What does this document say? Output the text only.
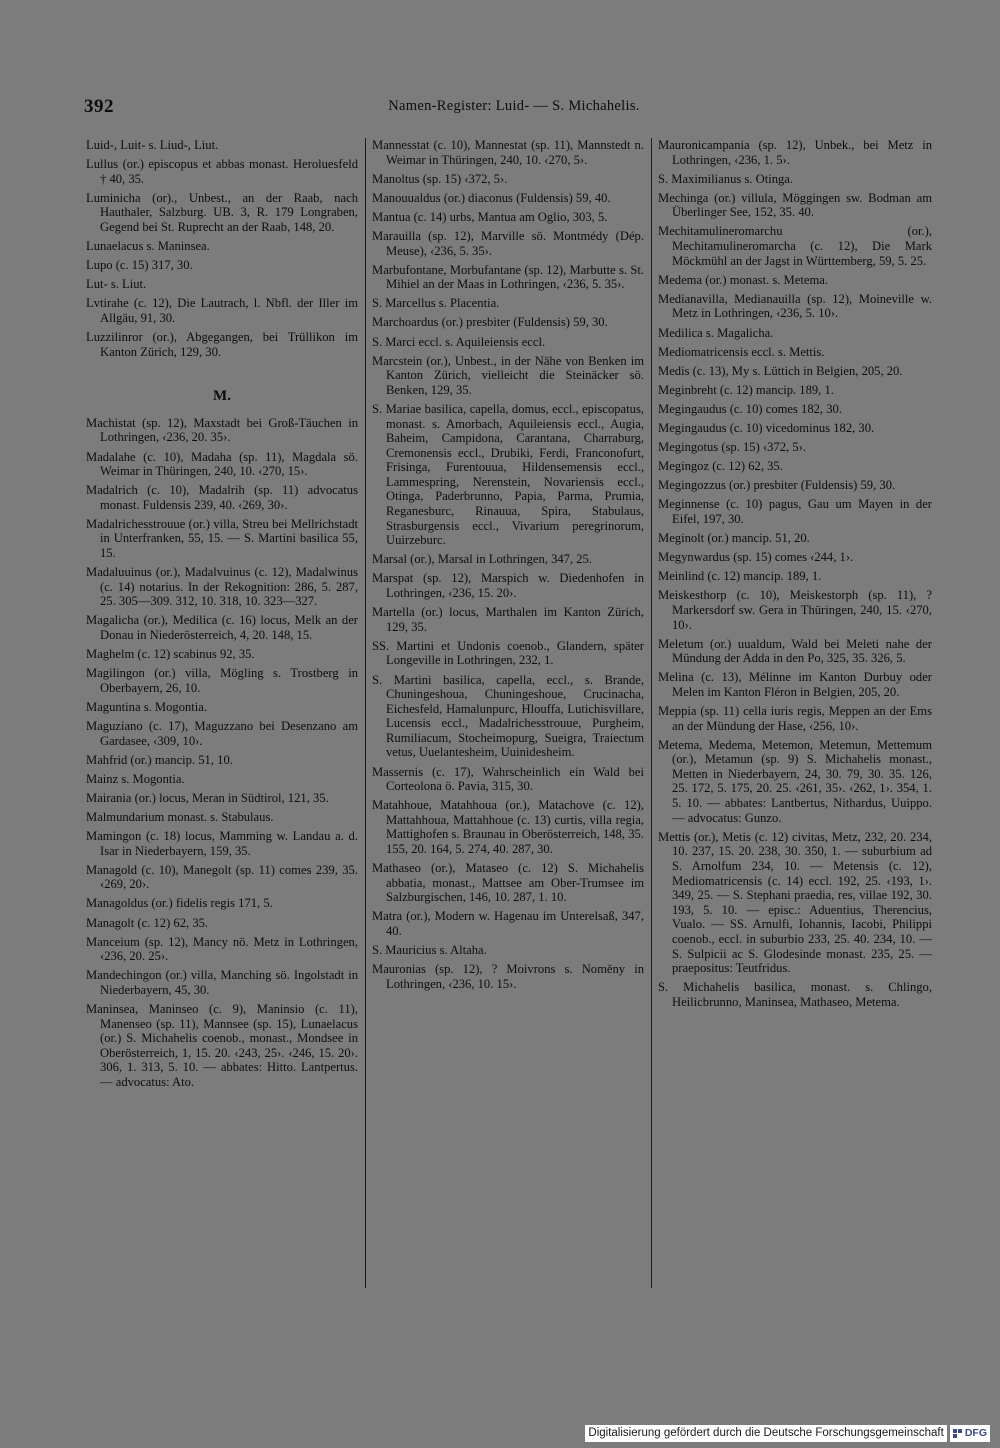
392	Namen-Register: Luid- — S. Michahelis.

Luid-, Luit- s. Liud-, Liut.

Lullus (or.) episcopus et abbas monast. Heroluesfeld † 40, 35.

Luminicha (or)., Unbest., an der Raab, nach Hauthaler, Salzburg. UB. 3, R. 179 Longraben, Gegend bei St. Ruprecht an der Raab, 148, 20.

Lunaelacus s. Maninsea.

Lupo (c. 15) 317, 30.

Lut- s. Liut.

Lvtirahe (c. 12), Die Lautrach, l. Nbfl. der Iller im Allgäu, 91, 30.

Luzzilinror (or.), Abgegangen, bei Trüllikon im Kanton Zürich, 129, 30.

M.

Machistat (sp. 12), Maxstadt bei Groß-Täuchen in Lothringen, ‹236, 20. 35›.

Madalahe (c. 10), Madaha (sp. 11), Magdala sö. Weimar in Thüringen, 240, 10. ‹270, 15›.

Madalrich (c. 10), Madalrih (sp. 11) advocatus monast. Fuldensis 239, 40. ‹269, 30›.

Madalrichesstrouue (or.) villa, Streu bei Mellrichstadt in Unterfranken, 55, 15. — S. Martini basilica 55, 15.

Madaluuinus (or.), Madalvuinus (c. 12), Madalwinus (c. 14) notarius. In der Rekognition: 286, 5. 287, 25. 305—309. 312, 10. 318, 10. 323—327.

Magalicha (or.), Medilica (c. 16) locus, Melk an der Donau in Niederösterreich, 4, 20. 148, 15.

Maghelm (c. 12) scabinus 92, 35.

Magilingon (or.) villa, Mögling s. Trostberg in Oberbayern, 26, 10.

Maguntina s. Mogontia.

Maguziano (c. 17), Maguzzano bei Desenzano am Gardasee, ‹309, 10›.

Mahfrid (or.) mancip. 51, 10.

Mainz s. Mogontia.

Mairania (or.) locus, Meran in Südtirol, 121, 35.

Malmundarium monast. s. Stabulaus.

Mamingon (c. 18) locus, Mamming w. Landau a. d. Isar in Niederbayern, 159, 35.

Managold (c. 10), Manegolt (sp. 11) comes 239, 35. ‹269, 20›.

Managoldus (or.) fidelis regis 171, 5.

Managolt (c. 12) 62, 35.

Manceium (sp. 12), Mancy nö. Metz in Lothringen, ‹236, 20. 25›.

Mandechingon (or.) villa, Manching sö. Ingolstadt in Niederbayern, 45, 30.

Maninsea, Maninseo (c. 9), Maninsio (c. 11), Manenseo (sp. 11), Mannsee (sp. 15), Lunaelacus (or.) S. Michahelis coenob., monast., Mondsee in Oberösterreich, 1, 15. 20. ‹243, 25›. ‹246, 15. 20›. 306, 1. 313, 5. 10. — abbates: Hitto. Lantpertus. — advocatus: Ato.

Mannesstat (c. 10), Mannestat (sp. 11), Mannstedt n. Weimar in Thüringen, 240, 10. ‹270, 5›.

Manoltus (sp. 15) ‹372, 5›.

Manouualdus (or.) diaconus (Fuldensis) 59, 40.

Mantua (c. 14) urbs, Mantua am Oglio, 303, 5.

Marauilla (sp. 12), Marville sö. Montmédy (Dép. Meuse), ‹236, 5. 35›.

Marbufontane, Morbufantane (sp. 12), Marbutte s. St. Mihiel an der Maas in Lothringen, ‹236, 5. 35›.

S. Marcellus s. Placentia.

Marchoardus (or.) presbiter (Fuldensis) 59, 30.

S. Marci eccl. s. Aquileiensis eccl.

Marcstein (or.), Unbest., in der Nähe von Benken im Kanton Zürich, vielleicht die Steinäcker sö. Benken, 129, 35.

S. Mariae basilica, capella, domus, eccl., episcopatus, monast. s. Amorbach, Aquileiensis eccl., Augia, Baheim, Campidona, Carantana, Charraburg, Cremonensis eccl., Drubiki, Ferdi, Franconofurt, Frisinga, Furentouua, Hildensemensis eccl., Lammespring, Nerenstein, Novariensis eccl., Otinga, Paderbrunno, Papia, Parma, Prumia, Reganesburc, Rinauua, Spira, Stabulaus, Strasburgensis eccl., Vivarium peregrinorum, Uuirzeburc.

Marsal (or.), Marsal in Lothringen, 347, 25.

Marspat (sp. 12), Marspich w. Diedenhofen in Lothringen, ‹236, 15. 20›.

Martella (or.) locus, Marthalen im Kanton Zürich, 129, 35.

SS. Martini et Undonis coenob., Glandern, später Longeville in Lothringen, 232, 1.

S. Martini basilica, capella, eccl., s. Brande, Chuningeshoua, Chuningeshoue, Crucinacha, Eichesfeld, Hamalunpurc, Hlouffa, Lutichisvillare, Lucensis eccl., Madalrichesstrouue, Purgheim, Rumiliacum, Stocheimopurg, Sueigra, Traiectum vetus, Uuelantesheim, Uuinidesheim.

Massernis (c. 17), Wahrscheinlich ein Wald bei Corteolona ö. Pavia, 315, 30.

Matahhoue, Matahhoua (or.), Matachove (c. 12), Mattahhoua, Mattahhoue (c. 13) curtis, villa regia, Mattighofen s. Braunau in Oberösterreich, 148, 35. 155, 20. 164, 5. 274, 40. 287, 30.

Mathaseo (or.), Mataseo (c. 12) S. Michahelis abbatia, monast., Mattsee am Ober-Trumsee im Salzburgischen, 146, 10. 287, 1. 10.

Matra (or.), Modern w. Hagenau im Unterelsaß, 347, 40.

S. Mauricius s. Altaha.

Mauronias (sp. 12), ? Moivrons s. Noměny in Lothringen, ‹236, 10. 15›.

Mauronicampania (sp. 12), Unbek., bei Metz in Lothringen, ‹236, 1. 5›.

S. Maximilianus s. Otinga.

Mechinga (or.) villula, Möggingen sw. Bodman am Überlinger See, 152, 35. 40.

Mechitamulineromarchu (or.), Mechitamulineromarcha (c. 12), Die Mark Möckmühl an der Jagst in Württemberg, 59, 5. 25.

Medema (or.) monast. s. Metema.

Medianavilla, Medianauilla (sp. 12), Moineville w. Metz in Lothringen, ‹236, 5. 10›.

Medilica s. Magalicha.

Mediomatricensis eccl. s. Mettis.

Medis (c. 13), My s. Lüttich in Belgien, 205, 20.

Meginbreht (c. 12) mancip. 189, 1.

Megingaudus (c. 10) comes 182, 30.

Megingaudus (c. 10) vicedominus 182, 30.

Megingotus (sp. 15) ‹372, 5›.

Megingoz (c. 12) 62, 35.

Megingozzus (or.) presbiter (Fuldensis) 59, 30.

Meginnense (c. 10) pagus, Gau um Mayen in der Eifel, 197, 30.

Meginolt (or.) mancip. 51, 20.

Megynwardus (sp. 15) comes ‹244, 1›.

Meinlind (c. 12) mancip. 189, 1.

Meiskesthorp (c. 10), Meiskestorph (sp. 11), ? Markersdorf sw. Gera in Thüringen, 240, 15. ‹270, 10›.

Meletum (or.) uualdum, Wald bei Meleti nahe der Mündung der Adda in den Po, 325, 35. 326, 5.

Melina (c. 13), Mélinne im Kanton Durbuy oder Melen im Kanton Fléron in Belgien, 205, 20.

Meppia (sp. 11) cella iuris regis, Meppen an der Ems an der Mündung der Hase, ‹256, 10›.

Metema, Medema, Metemon, Metemun, Mettemum (or.), Metamun (sp. 9) S. Michahelis monast., Metten in Niederbayern, 24, 30. 79, 30. 35. 126, 25. 172, 5. 175, 20. 25. ‹261, 35›. ‹262, 1›. 354, 1. 5. 10. — abbates: Lantbertus, Nithardus, Uuippo. — advocatus: Gunzo.

Mettis (or.), Metis (c. 12) civitas, Metz, 232, 20. 234, 10. 237, 15. 20. 238, 30. 350, 1. — suburbium ad S. Arnolfum 234, 10. — Metensis (c. 12), Mediomatricensis (c. 14) eccl. 192, 25. ‹193, 1›. 349, 25. — S. Stephani praedia, res, villae 192, 30. 193, 5. 10. — episc.: Aduentius, Therencius, Vualo. — SS. Arnulfi, Iohannis, Iacobi, Philippi coenob., eccl. in suburbio 233, 25. 40. 234, 10. — S. Sulpicii ac S. Glodesinde monast. 235, 25. — praepositus: Teutfridus.

S. Michahelis basilica, monast. s. Chlingo, Heilicbrunno, Maninsea, Mathaseo, Metema.

Digitalisierung gefördert durch die Deutsche Forschungsgemeinschaft DFG
